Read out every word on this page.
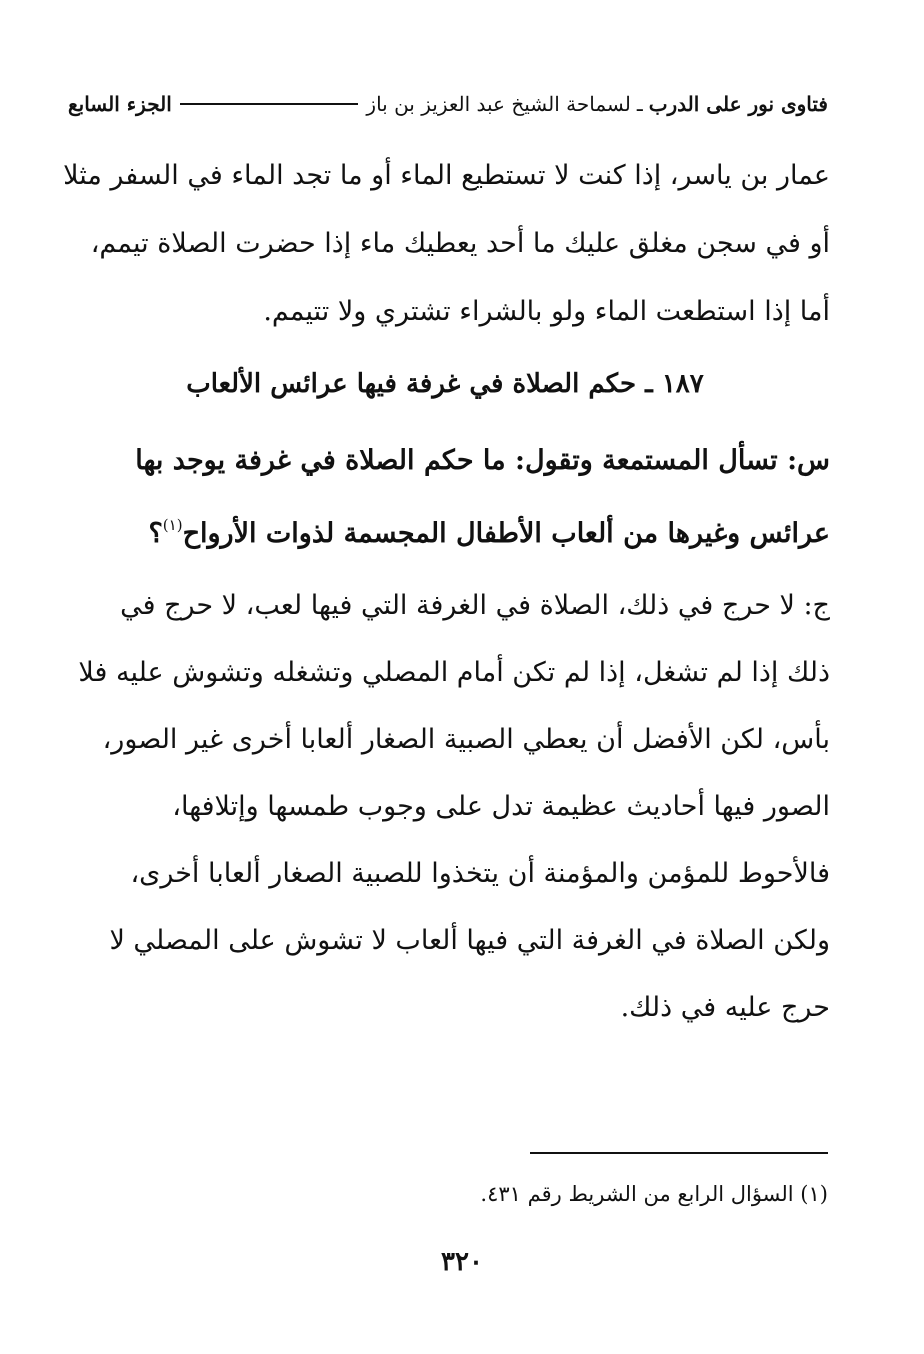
فتاوى نور على الدرب
ـ
لسماحة الشيخ عبد العزيز بن باز
الجزء السابع
عمار بن ياسر، إذا كنت لا تستطيع الماء أو ما تجد الماء في السفر مثلا
أو في سجن مغلق عليك ما أحد يعطيك ماء إذا حضرت الصلاة تيمم،
أما إذا استطعت الماء ولو بالشراء تشتري ولا تتيمم.
١٨٧ ـ حكم الصلاة في غرفة فيها عرائس الألعاب
س: تسأل المستمعة وتقول: ما حكم الصلاة في غرفة يوجد بها
عرائس وغيرها من ألعاب الأطفال المجسمة لذوات الأرواح$^{(١)}$؟
ج: لا حرج في ذلك، الصلاة في الغرفة التي فيها لعب، لا حرج في
ذلك إذا لم تشغل، إذا لم تكن أمام المصلي وتشغله وتشوش عليه فلا
بأس، لكن الأفضل أن يعطي الصبية الصغار ألعابا أخرى غير الصور،
الصور فيها أحاديث عظيمة تدل على وجوب طمسها وإتلافها،
فالأحوط للمؤمن والمؤمنة أن يتخذوا للصبية الصغار ألعابا أخرى،
ولكن الصلاة في الغرفة التي فيها ألعاب لا تشوش على المصلي لا
حرج عليه في ذلك.
(١) السؤال الرابع من الشريط رقم ٤٣١.
٣٢٠
